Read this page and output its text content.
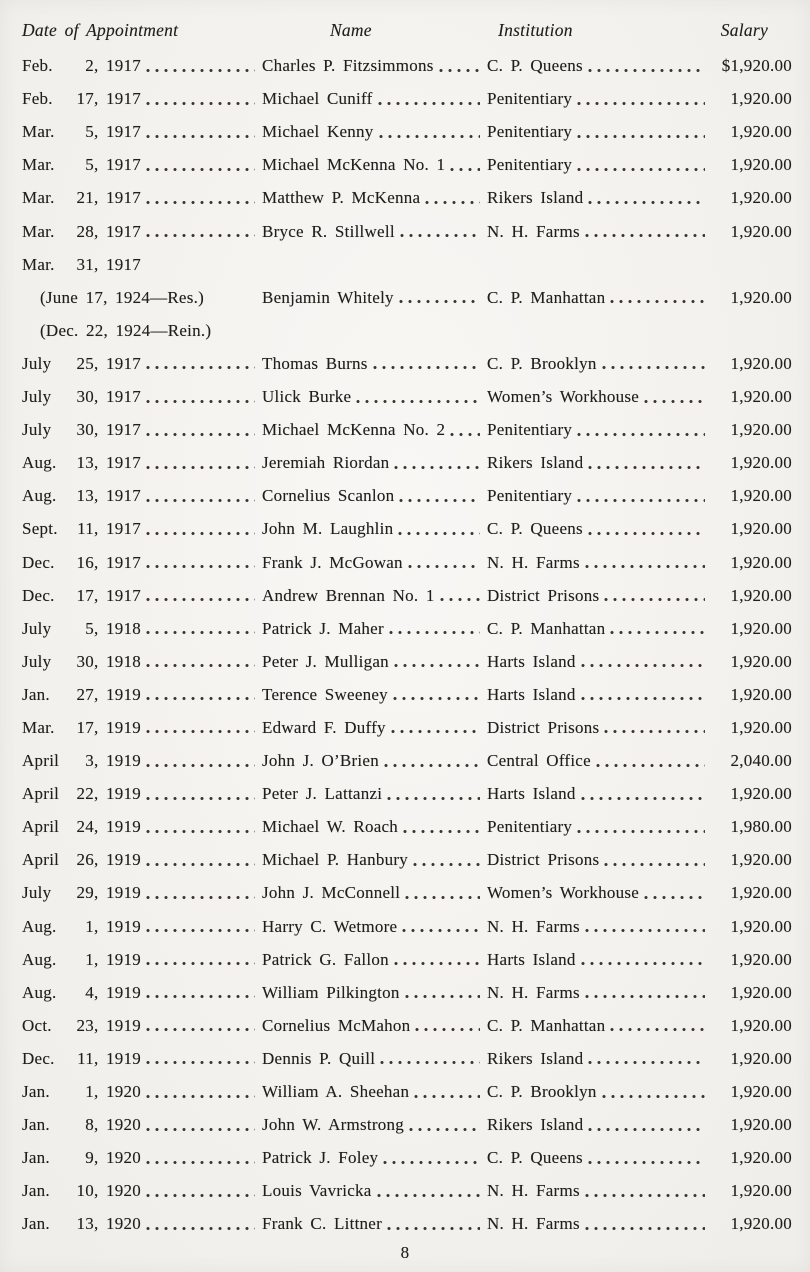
Date of Appointment	Name	Institution	Salary
Feb.	2 , 1917	Charles P. Fitzsimmons	C. P. Queens	$1,920.00
Feb.	17 , 1917	Michael Cuniff	Penitentiary	1,920.00
Mar.	5 , 1917	Michael Kenny	Penitentiary	1,920.00
Mar.	5 , 1917	Michael McKenna No. 1 Penitentiary	1,920.00
Mar.	21 , 1917	Matthew P. McKenna	Rikers Island	1,920.00
Mar.	28 , 1917	Bryce R. Stillwell	N. H. Farms	1,920.00
Mar.	31 , 1917
(June 17, 1924—Res.)	Benjamin Whitely	C. P. Manhattan	1,920.00
(Dec. 22, 1924—Rein.)
July	25 , 1917	Thomas Burns	C. P. Brooklyn	1,920.00
July	30 , 1917	Ulick Burke	Women’s Workhouse	1,920.00
July	30 , 1917	Michael McKenna No. 2 Penitentiary	1,920.00
Aug.	13 , 1917	Jeremiah Riordan	Rikers Island	1,920.00
Aug.	13 , 1917	Cornelius Scanlon	Penitentiary	1,920.00
Sept.	11 , 1917	John M. Laughlin	C. P. Queens	1,920.00
Dec.	16 , 1917	Frank J. McGowan	N. H. Farms	1,920.00
Dec.	17 , 1917	Andrew Brennan No. 1	District Prisons	1,920.00
July	5 , 1918	Patrick J. Maher	C. P. Manhattan	1,920.00
July	30 , 1918	Peter J. Mulligan	Harts Island	1,920.00
Jan.	27 , 1919	Terence Sweeney	Harts Island	1,920.00
Mar.	17 , 1919	Edward F. Duffy	District Prisons	1,920.00
April	3 , 1919	John J. O’Brien	Central Office	2,040.00
April	22 , 1919	Peter J. Lattanzi	Harts Island	1,920.00
April	24 , 1919	Michael W. Roach	Penitentiary	1,980.00
April	26 , 1919	Michael P. Hanbury	District Prisons	1,920.00
July	29 , 1919	John J. McConnell	Women’s Workhouse	1,920.00
Aug.	1 , 1919	Harry C. Wetmore	N. H. Farms	1,920.00
Aug.	1 , 1919	Patrick G. Fallon	Harts Island	1,920.00
Aug.	4 , 1919	William Pilkington	N. H. Farms	1,920.00
Oct.	23 , 1919	Cornelius McMahon	C. P. Manhattan	1,920.00
Dec.	11 , 1919	Dennis P. Quill	Rikers Island	1,920.00
Jan.	1 , 1920	William A. Sheehan	C. P. Brooklyn	1,920.00
Jan.	8 , 1920	John W. Armstrong	Rikers Island	1,920.00
Jan.	9 , 1920	Patrick J. Foley	C. P. Queens	1,920.00
Jan.	10 , 1920	Louis Vavricka	N. H. Farms	1,920.00
Jan.	13 , 1920	Frank C. Littner	N. H. Farms	1,920.00
8
